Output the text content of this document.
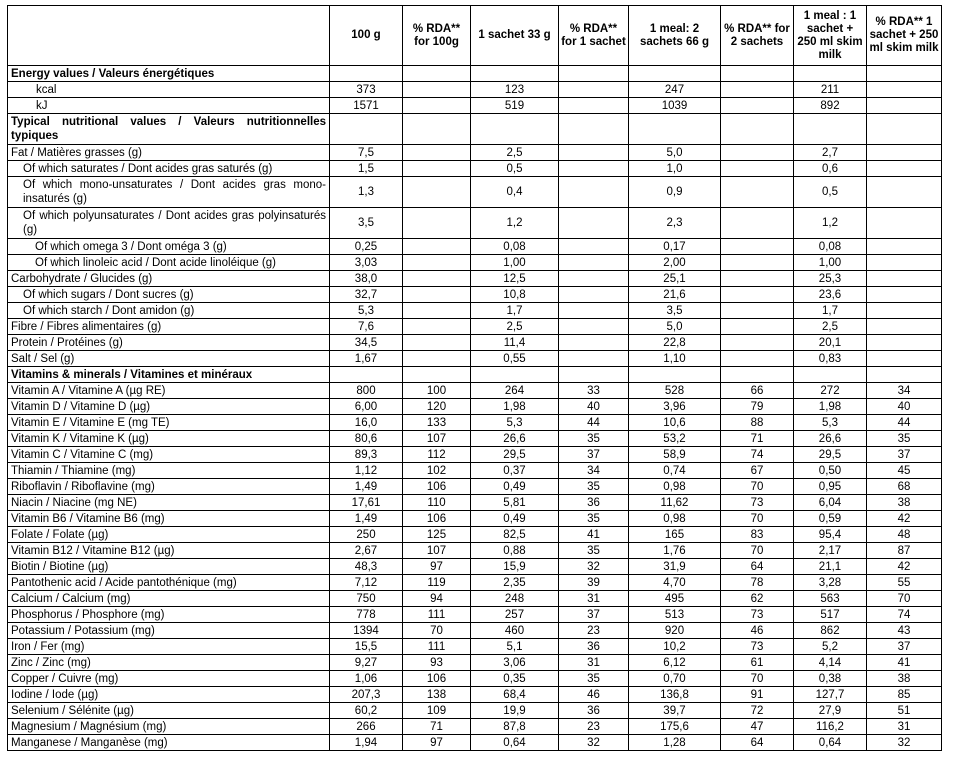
	100 g	% RDA** for 100g	1 sachet 33 g	% RDA** for 1 sachet	1 meal: 2 sachets 66 g	% RDA** for 2 sachets	1 meal : 1 sachet + 250 ml skim milk	% RDA** 1 sachet + 250 ml skim milk
Energy values / Valeurs énergétiques								
kcal	373		123		247		211	
kJ	1571		519		1039		892	
Typical nutritional values / Valeurs nutritionnelles typiques								
Fat / Matières grasses (g)	7,5		2,5		5,0		2,7	
Of which saturates / Dont acides gras saturés (g)	1,5		0,5		1,0		0,6	
Of which mono-unsaturates / Dont acides gras mono-insaturés (g)	1,3		0,4		0,9		0,5	
Of which polyunsaturates / Dont acides gras polyinsaturés (g)	3,5		1,2		2,3		1,2	
Of which omega 3 / Dont oméga 3 (g)	0,25		0,08		0,17		0,08	
Of which linoleic acid / Dont acide linoléique (g)	3,03		1,00		2,00		1,00	
Carbohydrate / Glucides (g)	38,0		12,5		25,1		25,3	
Of which sugars / Dont sucres (g)	32,7		10,8		21,6		23,6	
Of which starch / Dont amidon (g)	5,3		1,7		3,5		1,7	
Fibre / Fibres alimentaires (g)	7,6		2,5		5,0		2,5	
Protein / Protéines (g)	34,5		11,4		22,8		20,1	
Salt / Sel (g)	1,67		0,55		1,10		0,83	
Vitamins & minerals / Vitamines et minéraux								
Vitamin A / Vitamine A (µg RE)	800	100	264	33	528	66	272	34
Vitamin D / Vitamine D (µg)	6,00	120	1,98	40	3,96	79	1,98	40
Vitamin E / Vitamine E (mg TE)	16,0	133	5,3	44	10,6	88	5,3	44
Vitamin K / Vitamine K (µg)	80,6	107	26,6	35	53,2	71	26,6	35
Vitamin C / Vitamine C (mg)	89,3	112	29,5	37	58,9	74	29,5	37
Thiamin / Thiamine (mg)	1,12	102	0,37	34	0,74	67	0,50	45
Riboflavin / Riboflavine (mg)	1,49	106	0,49	35	0,98	70	0,95	68
Niacin / Niacine (mg NE)	17,61	110	5,81	36	11,62	73	6,04	38
Vitamin B6 / Vitamine B6 (mg)	1,49	106	0,49	35	0,98	70	0,59	42
Folate / Folate (µg)	250	125	82,5	41	165	83	95,4	48
Vitamin B12 / Vitamine B12 (µg)	2,67	107	0,88	35	1,76	70	2,17	87
Biotin / Biotine (µg)	48,3	97	15,9	32	31,9	64	21,1	42
Pantothenic acid / Acide pantothénique (mg)	7,12	119	2,35	39	4,70	78	3,28	55
Calcium / Calcium (mg)	750	94	248	31	495	62	563	70
Phosphorus / Phosphore (mg)	778	111	257	37	513	73	517	74
Potassium / Potassium (mg)	1394	70	460	23	920	46	862	43
Iron / Fer (mg)	15,5	111	5,1	36	10,2	73	5,2	37
Zinc / Zinc (mg)	9,27	93	3,06	31	6,12	61	4,14	41
Copper / Cuivre (mg)	1,06	106	0,35	35	0,70	70	0,38	38
Iodine / Iode (µg)	207,3	138	68,4	46	136,8	91	127,7	85
Selenium / Sélénite (µg)	60,2	109	19,9	36	39,7	72	27,9	51
Magnesium / Magnésium (mg)	266	71	87,8	23	175,6	47	116,2	31
Manganese / Manganèse (mg)	1,94	97	0,64	32	1,28	64	0,64	32
